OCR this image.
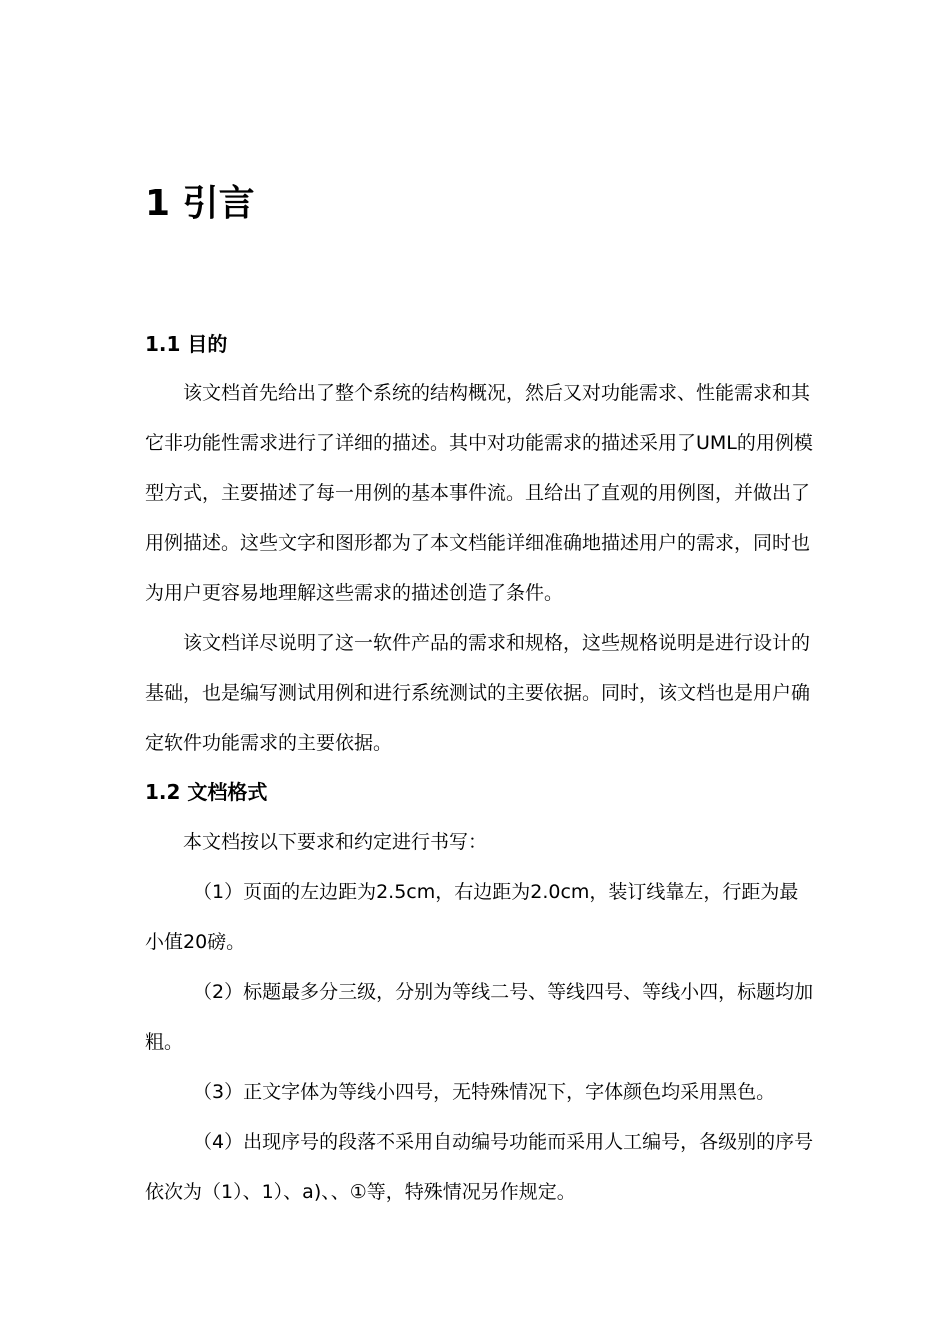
1 引言
1.1 目的

该文档首先给出了整个系统的结构概况，然后又对功能需求、性能需求和其它非功能性需求进行了详细的描述。其中对功能需求的描述采用了UML的用例模型方式，主要描述了每一用例的基本事件流。且给出了直观的用例图，并做出了用例描述。这些文字和图形都为了本文档能详细准确地描述用户的需求，同时也为用户更容易地理解这些需求的描述创造了条件。

该文档详尽说明了这一软件产品的需求和规格，这些规格说明是进行设计的基础，也是编写测试用例和进行系统测试的主要依据。同时，该文档也是用户确定软件功能需求的主要依据。

1.2 文档格式

本文档按以下要求和约定进行书写：

（1）页面的左边距为2.5cm，右边距为2.0cm，装订线靠左，行距为最小值20磅。

（2）标题最多分三级，分别为等线二号、等线四号、等线小四，标题均加粗。

（3）正文字体为等线小四号，无特殊情况下，字体颜色均采用黑色。

（4）出现序号的段落不采用自动编号功能而采用人工编号，各级别的序号依次为（1）、1）、a)、、①等，特殊情况另作规定。
